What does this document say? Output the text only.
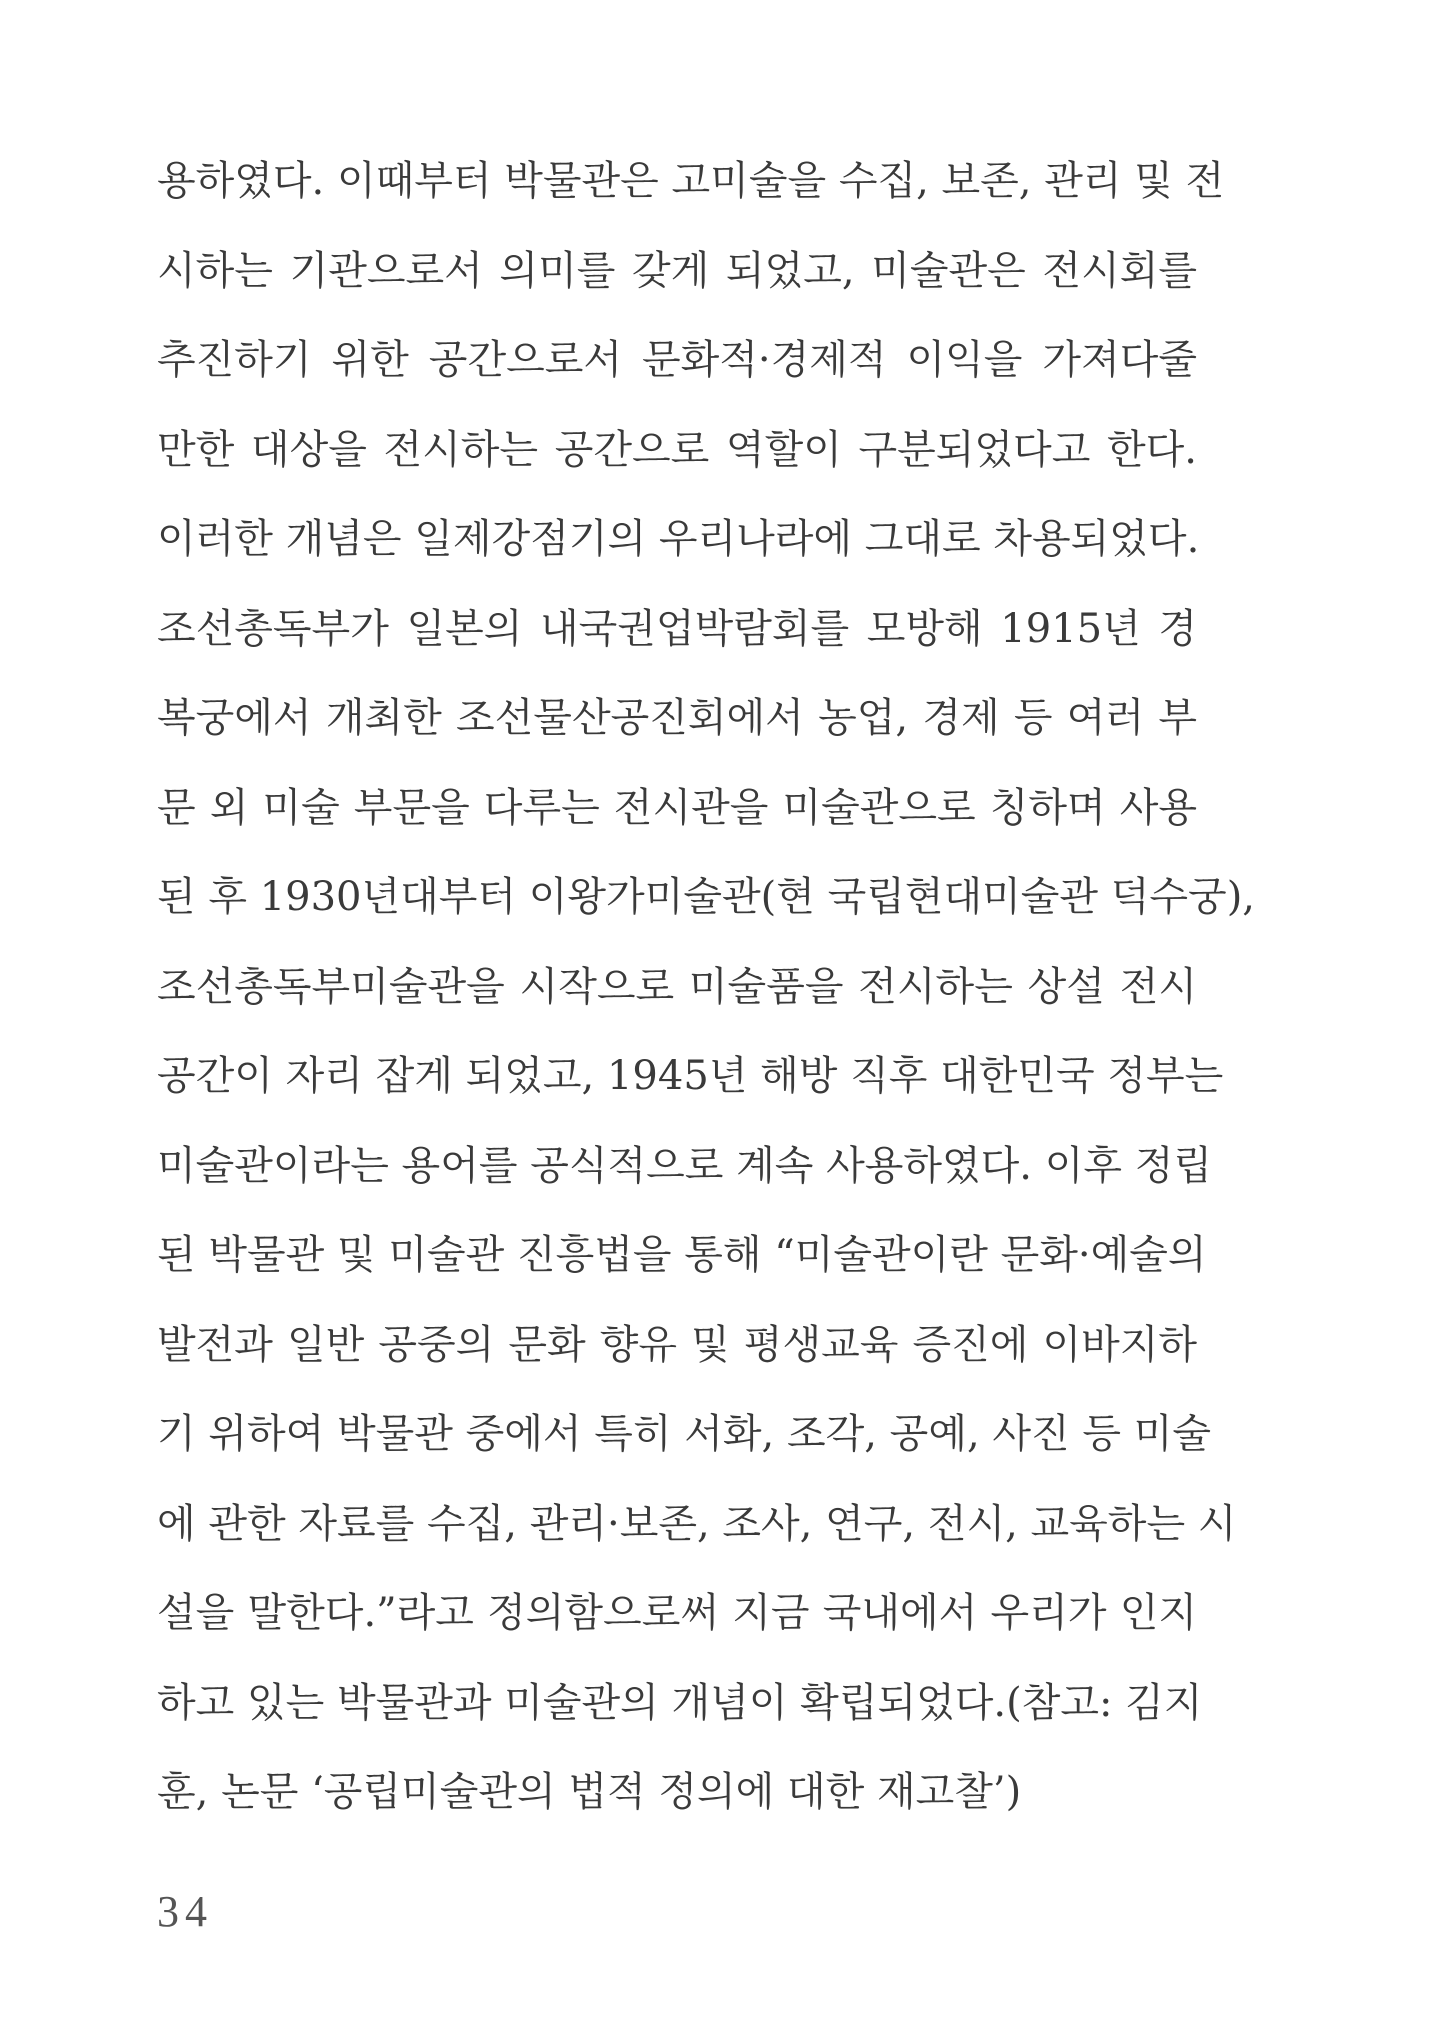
용하였다. 이때부터 박물관은 고미술을 수집, 보존, 관리 및 전
시하는 기관으로서 의미를 갖게 되었고, 미술관은 전시회를
추진하기 위한 공간으로서 문화적·경제적 이익을 가져다줄
만한 대상을 전시하는 공간으로 역할이 구분되었다고 한다.
이러한 개념은 일제강점기의 우리나라에 그대로 차용되었다.
조선총독부가 일본의 내국권업박람회를 모방해 1915년 경
복궁에서 개최한 조선물산공진회에서 농업, 경제 등 여러 부
문 외 미술 부문을 다루는 전시관을 미술관으로 칭하며 사용
된 후 1930년대부터 이왕가미술관(현 국립현대미술관 덕수궁),
조선총독부미술관을 시작으로 미술품을 전시하는 상설 전시
공간이 자리 잡게 되었고, 1945년 해방 직후 대한민국 정부는
미술관이라는 용어를 공식적으로 계속 사용하였다. 이후 정립
된 박물관 및 미술관 진흥법을 통해 “미술관이란 문화·예술의
발전과 일반 공중의 문화 향유 및 평생교육 증진에 이바지하
기 위하여 박물관 중에서 특히 서화, 조각, 공예, 사진 등 미술
에 관한 자료를 수집, 관리·보존, 조사, 연구, 전시, 교육하는 시
설을 말한다.”라고 정의함으로써 지금 국내에서 우리가 인지
하고 있는 박물관과 미술관의 개념이 확립되었다.(참고: 김지
훈, 논문 ‘공립미술관의 법적 정의에 대한 재고찰’)
34
